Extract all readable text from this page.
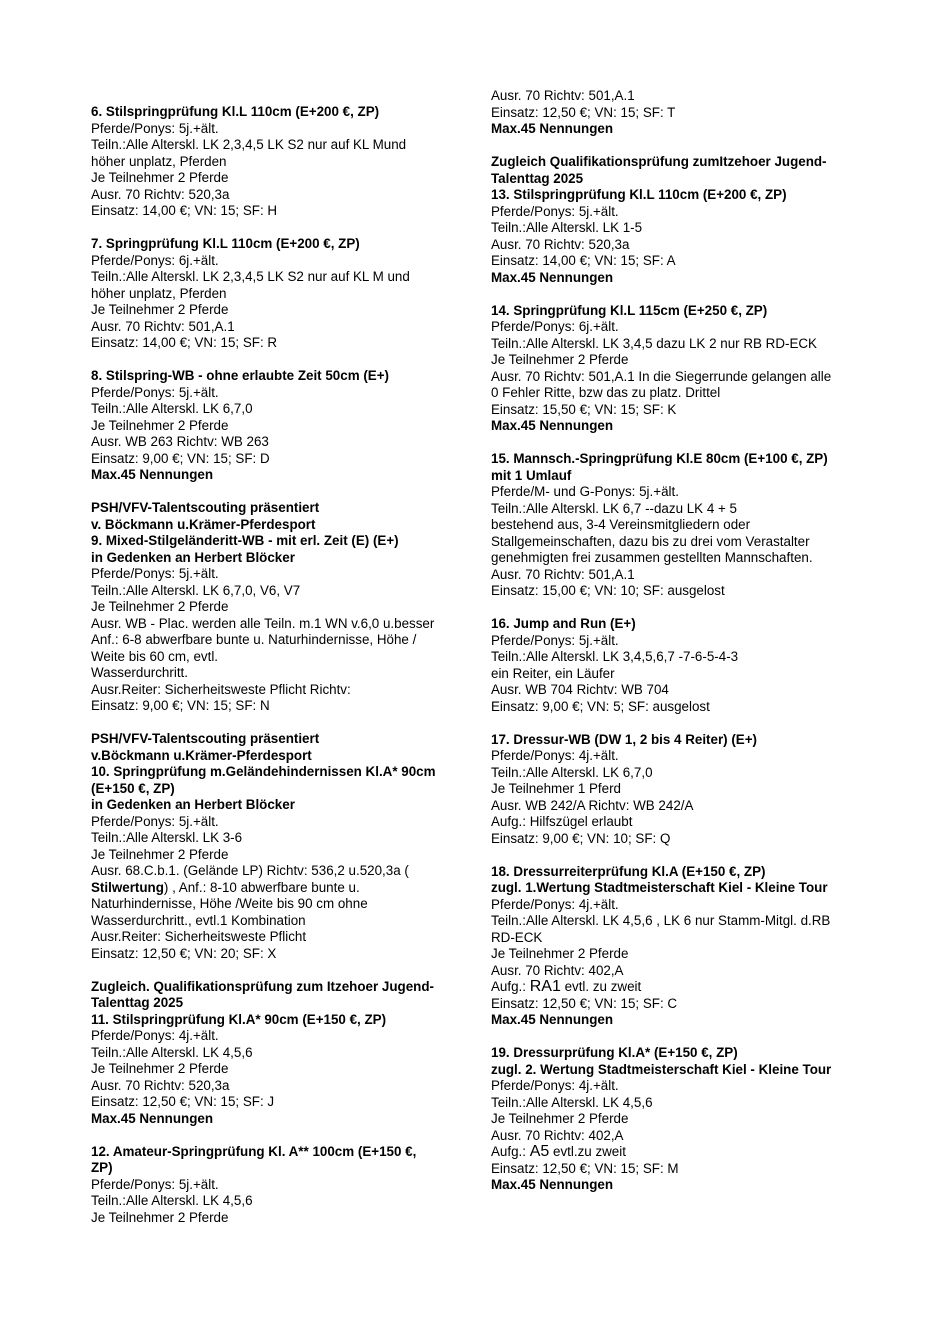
6. Stilspringprüfung Kl.L 110cm (E+200 €, ZP)
Pferde/Ponys: 5j.+ält.
Teiln.:Alle Alterskl. LK 2,3,4,5 LK S2 nur auf KL Mund
höher unplatz, Pferden
Je Teilnehmer 2 Pferde
Ausr. 70 Richtv: 520,3a
Einsatz: 14,00 €; VN: 15; SF: H
7. Springprüfung Kl.L 110cm (E+200 €, ZP)
Pferde/Ponys: 6j.+ält.
Teiln.:Alle Alterskl. LK 2,3,4,5 LK S2 nur auf KL M und
höher unplatz, Pferden
Je Teilnehmer 2 Pferde
Ausr. 70 Richtv: 501,A.1
Einsatz: 14,00 €; VN: 15; SF: R
8. Stilspring-WB - ohne erlaubte Zeit 50cm (E+)
Pferde/Ponys: 5j.+ält.
Teiln.:Alle Alterskl. LK 6,7,0
Je Teilnehmer 2 Pferde
Ausr. WB 263 Richtv: WB 263
Einsatz: 9,00 €; VN: 15; SF: D
Max.45 Nennungen
PSH/VFV-Talentscouting präsentiert
v. Böckmann u.Krämer-Pferdesport
9. Mixed-Stilgeländeritt-WB - mit erl. Zeit (E) (E+)
in Gedenken an Herbert Blöcker
Pferde/Ponys: 5j.+ält.
Teiln.:Alle Alterskl. LK 6,7,0, V6, V7
Je Teilnehmer 2 Pferde
Ausr. WB - Plac. werden alle Teiln. m.1 WN v.6,0 u.besser
Anf.: 6-8 abwerfbare bunte u. Naturhindernisse, Höhe /
Weite bis 60 cm, evtl.
Wasserdurchritt.
Ausr.Reiter: Sicherheitsweste Pflicht Richtv:
Einsatz: 9,00 €; VN: 15; SF: N
PSH/VFV-Talentscouting präsentiert
v.Böckmann u.Krämer-Pferdesport
10. Springprüfung m.Geländehindernissen Kl.A* 90cm
(E+150 €, ZP)
in Gedenken an Herbert Blöcker
Pferde/Ponys: 5j.+ält.
Teiln.:Alle Alterskl. LK 3-6
Je Teilnehmer 2 Pferde
Ausr. 68.C.b.1. (Gelände LP) Richtv: 536,2 u.520,3a (
Stilwertung) , Anf.: 8-10 abwerfbare bunte u.
Naturhindernisse, Höhe /Weite bis 90 cm ohne
Wasserdurchritt., evtl.1 Kombination
Ausr.Reiter: Sicherheitsweste Pflicht
Einsatz: 12,50 €; VN: 20; SF: X
Zugleich. Qualifikationsprüfung zum Itzehoer Jugend-
Talenttag 2025
11. Stilspringprüfung Kl.A* 90cm (E+150 €, ZP)
Pferde/Ponys: 4j.+ält.
Teiln.:Alle Alterskl. LK 4,5,6
Je Teilnehmer 2 Pferde
Ausr. 70 Richtv: 520,3a
Einsatz: 12,50 €; VN: 15; SF: J
Max.45 Nennungen
12. Amateur-Springprüfung Kl. A** 100cm (E+150 €,
ZP)
Pferde/Ponys: 5j.+ält.
Teiln.:Alle Alterskl. LK 4,5,6
Je Teilnehmer 2 Pferde
Ausr. 70 Richtv: 501,A.1
Einsatz: 12,50 €; VN: 15; SF: T
Max.45 Nennungen
Zugleich Qualifikationsprüfung zumItzehoer Jugend-
Talenttag 2025
13. Stilspringprüfung Kl.L 110cm (E+200 €, ZP)
Pferde/Ponys: 5j.+ält.
Teiln.:Alle Alterskl. LK 1-5
Ausr. 70 Richtv: 520,3a
Einsatz: 14,00 €; VN: 15; SF: A
Max.45 Nennungen
14. Springprüfung Kl.L 115cm (E+250 €, ZP)
Pferde/Ponys: 6j.+ält.
Teiln.:Alle Alterskl. LK 3,4,5 dazu LK 2 nur RB RD-ECK
Je Teilnehmer 2 Pferde
Ausr. 70 Richtv: 501,A.1 In die Siegerrunde gelangen alle
0 Fehler Ritte, bzw das zu platz. Drittel
Einsatz: 15,50 €; VN: 15; SF: K
Max.45 Nennungen
15. Mannsch.-Springprüfung Kl.E 80cm (E+100 €, ZP)
mit 1 Umlauf
Pferde/M- und G-Ponys: 5j.+ält.
Teiln.:Alle Alterskl. LK 6,7 --dazu LK 4 + 5
bestehend aus, 3-4 Vereinsmitgliedern oder
Stallgemeinschaften, dazu bis zu drei vom Verastalter
genehmigten frei zusammen gestellten Mannschaften.
Ausr. 70 Richtv: 501,A.1
Einsatz: 15,00 €; VN: 10; SF: ausgelost
16. Jump and Run (E+)
Pferde/Ponys: 5j.+ält.
Teiln.:Alle Alterskl. LK 3,4,5,6,7 -7-6-5-4-3
ein Reiter, ein Läufer
Ausr. WB 704 Richtv: WB 704
Einsatz: 9,00 €; VN: 5; SF: ausgelost
17. Dressur-WB (DW 1, 2 bis 4 Reiter) (E+)
Pferde/Ponys: 4j.+ält.
Teiln.:Alle Alterskl. LK 6,7,0
Je Teilnehmer 1 Pferd
Ausr. WB 242/A Richtv: WB 242/A
Aufg.: Hilfszügel erlaubt
Einsatz: 9,00 €; VN: 10; SF: Q
18. Dressurreiterprüfung Kl.A (E+150 €, ZP)
zugl. 1.Wertung Stadtmeisterschaft Kiel - Kleine Tour
Pferde/Ponys: 4j.+ält.
Teiln.:Alle Alterskl. LK 4,5,6 , LK 6 nur Stamm-Mitgl. d.RB
RD-ECK
Je Teilnehmer 2 Pferde
Ausr. 70 Richtv: 402,A
Aufg.: RA1 evtl. zu zweit
Einsatz: 12,50 €; VN: 15; SF: C
Max.45 Nennungen
19. Dressurprüfung Kl.A* (E+150 €, ZP)
zugl. 2. Wertung Stadtmeisterschaft Kiel - Kleine Tour
Pferde/Ponys: 4j.+ält.
Teiln.:Alle Alterskl. LK 4,5,6
Je Teilnehmer 2 Pferde
Ausr. 70 Richtv: 402,A
Aufg.: A5 evtl.zu zweit
Einsatz: 12,50 €; VN: 15; SF: M
Max.45 Nennungen
